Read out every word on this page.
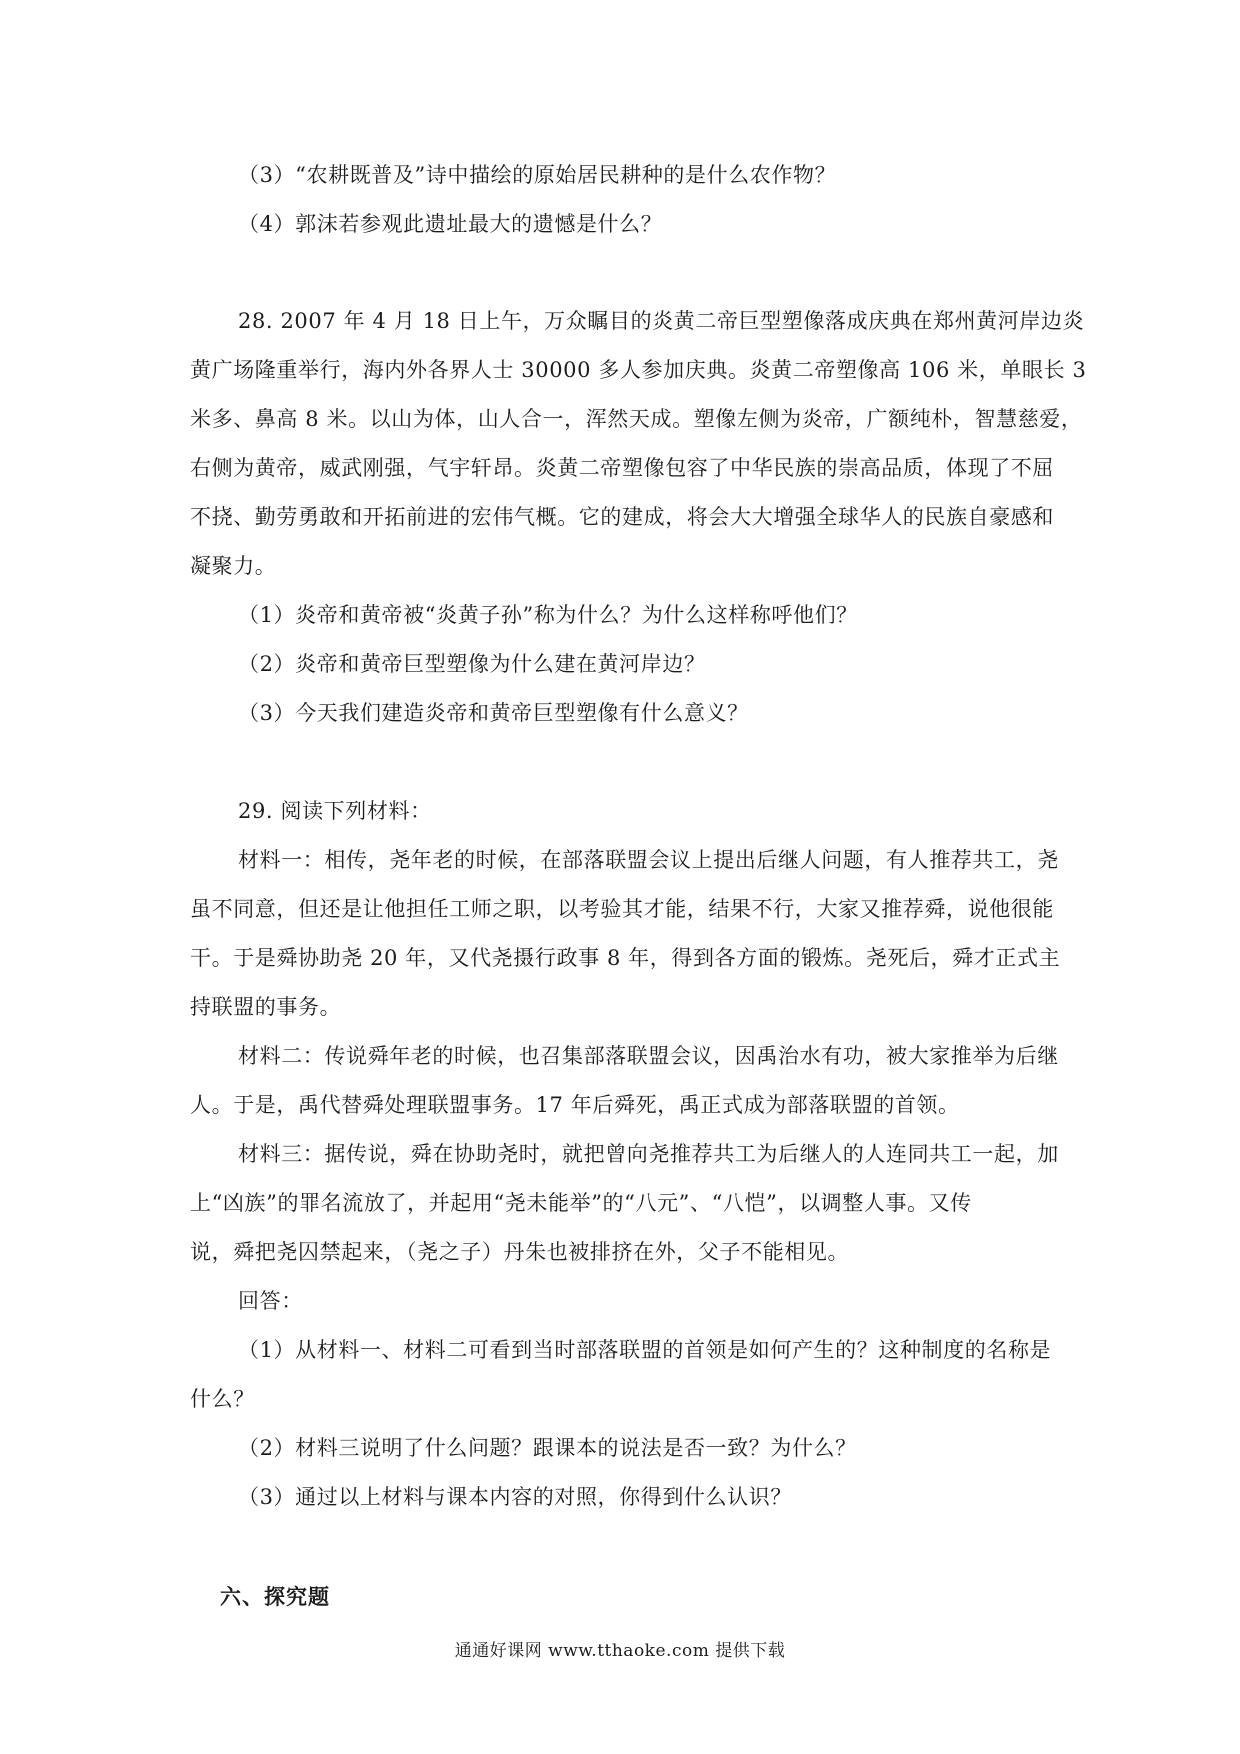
（3）“农耕既普及”诗中描绘的原始居民耕种的是什么农作物？
（4）郭沫若参观此遗址最大的遗憾是什么？
28. 2007 年 4 月 18 日上午，万众瞩目的炎黄二帝巨型塑像落成庆典在郑州黄河岸边炎
黄广场隆重举行，海内外各界人士 30000 多人参加庆典。炎黄二帝塑像高 106 米，单眼长 3
米多、鼻高 8 米。以山为体，山人合一，浑然天成。塑像左侧为炎帝，广额纯朴，智慧慈爱，
右侧为黄帝，威武刚强，气宇轩昂。炎黄二帝塑像包容了中华民族的崇高品质，体现了不屈
不挠、勤劳勇敢和开拓前进的宏伟气概。它的建成，将会大大增强全球华人的民族自豪感和
凝聚力。
（1）炎帝和黄帝被“炎黄子孙”称为什么？为什么这样称呼他们？
（2）炎帝和黄帝巨型塑像为什么建在黄河岸边？
（3）今天我们建造炎帝和黄帝巨型塑像有什么意义？
29. 阅读下列材料：
材料一：相传，尧年老的时候，在部落联盟会议上提出后继人问题，有人推荐共工，尧
虽不同意，但还是让他担任工师之职，以考验其才能，结果不行，大家又推荐舜，说他很能
干。于是舜协助尧 20 年，又代尧摄行政事 8 年，得到各方面的锻炼。尧死后，舜才正式主
持联盟的事务。
材料二：传说舜年老的时候，也召集部落联盟会议，因禹治水有功，被大家推举为后继
人。于是，禹代替舜处理联盟事务。17 年后舜死，禹正式成为部落联盟的首领。
材料三：据传说，舜在协助尧时，就把曾向尧推荐共工为后继人的人连同共工一起，加
上“凶族”的罪名流放了，并起用“尧未能举”的“八元”、“八恺”，以调整人事。又传
说，舜把尧囚禁起来，（尧之子）丹朱也被排挤在外，父子不能相见。
回答：
（1）从材料一、材料二可看到当时部落联盟的首领是如何产生的？这种制度的名称是
什么？
（2）材料三说明了什么问题？跟课本的说法是否一致？为什么？
（3）通过以上材料与课本内容的对照，你得到什么认识？
六、探究题
通通好课网 www.tthaoke.com 提供下载
